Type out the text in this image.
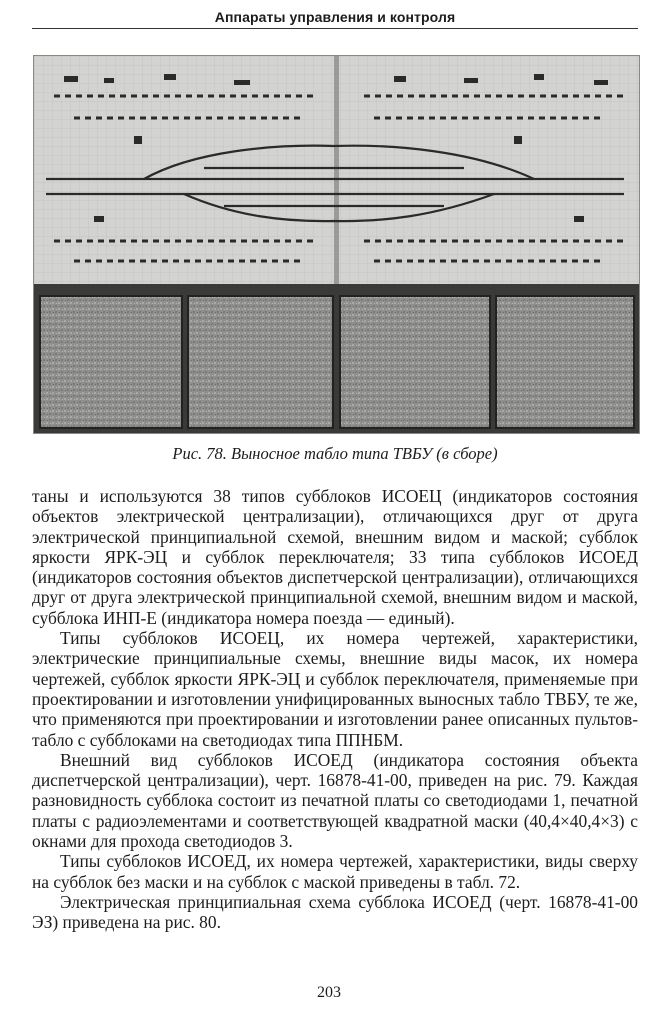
Аппараты управления и контроля
Рис. 78. Выносное табло типа ТВБУ (в сборе)

таны и используются 38 типов субблоков ИСОЕЦ (индикаторов состояния объектов электрической централизации), отличающихся друг от друга электрической принципиальной схемой, внешним видом и маской; субблок яркости ЯРК-ЭЦ и субблок переключателя; 33 типа субблоков ИСОЕД (индикаторов состояния объектов диспетчерской централизации), отличающихся друг от друга электрической принципиальной схемой, внешним видом и маской, субблока ИНП-Е (индикатора номера поезда — единый).

Типы субблоков ИСОЕЦ, их номера чертежей, характеристики, электрические принципиальные схемы, внешние виды масок, их номера чертежей, субблок яркости ЯРК-ЭЦ и субблок переключателя, применяемые при проектировании и изготовлении унифицированных выносных табло ТВБУ, те же, что применяются при проектировании и изготовлении ранее описанных пультов-табло с субблоками на светодиодах типа ППНБМ.

Внешний вид субблоков ИСОЕД (индикатора состояния объекта диспетчерской централизации), черт. 16878-41-00, приведен на рис. 79. Каждая разновидность субблока состоит из печатной платы со светодиодами 1, печатной платы с радиоэлементами и соответствующей квадратной маски (40,4×40,4×3) с окнами для прохода светодиодов 3.

Типы субблоков ИСОЕД, их номера чертежей, характеристики, виды сверху на субблок без маски и на субблок с маской приведены в табл. 72.

Электрическая принципиальная схема субблока ИСОЕД (черт. 16878-41-00 ЭЗ) приведена на рис. 80.

203
